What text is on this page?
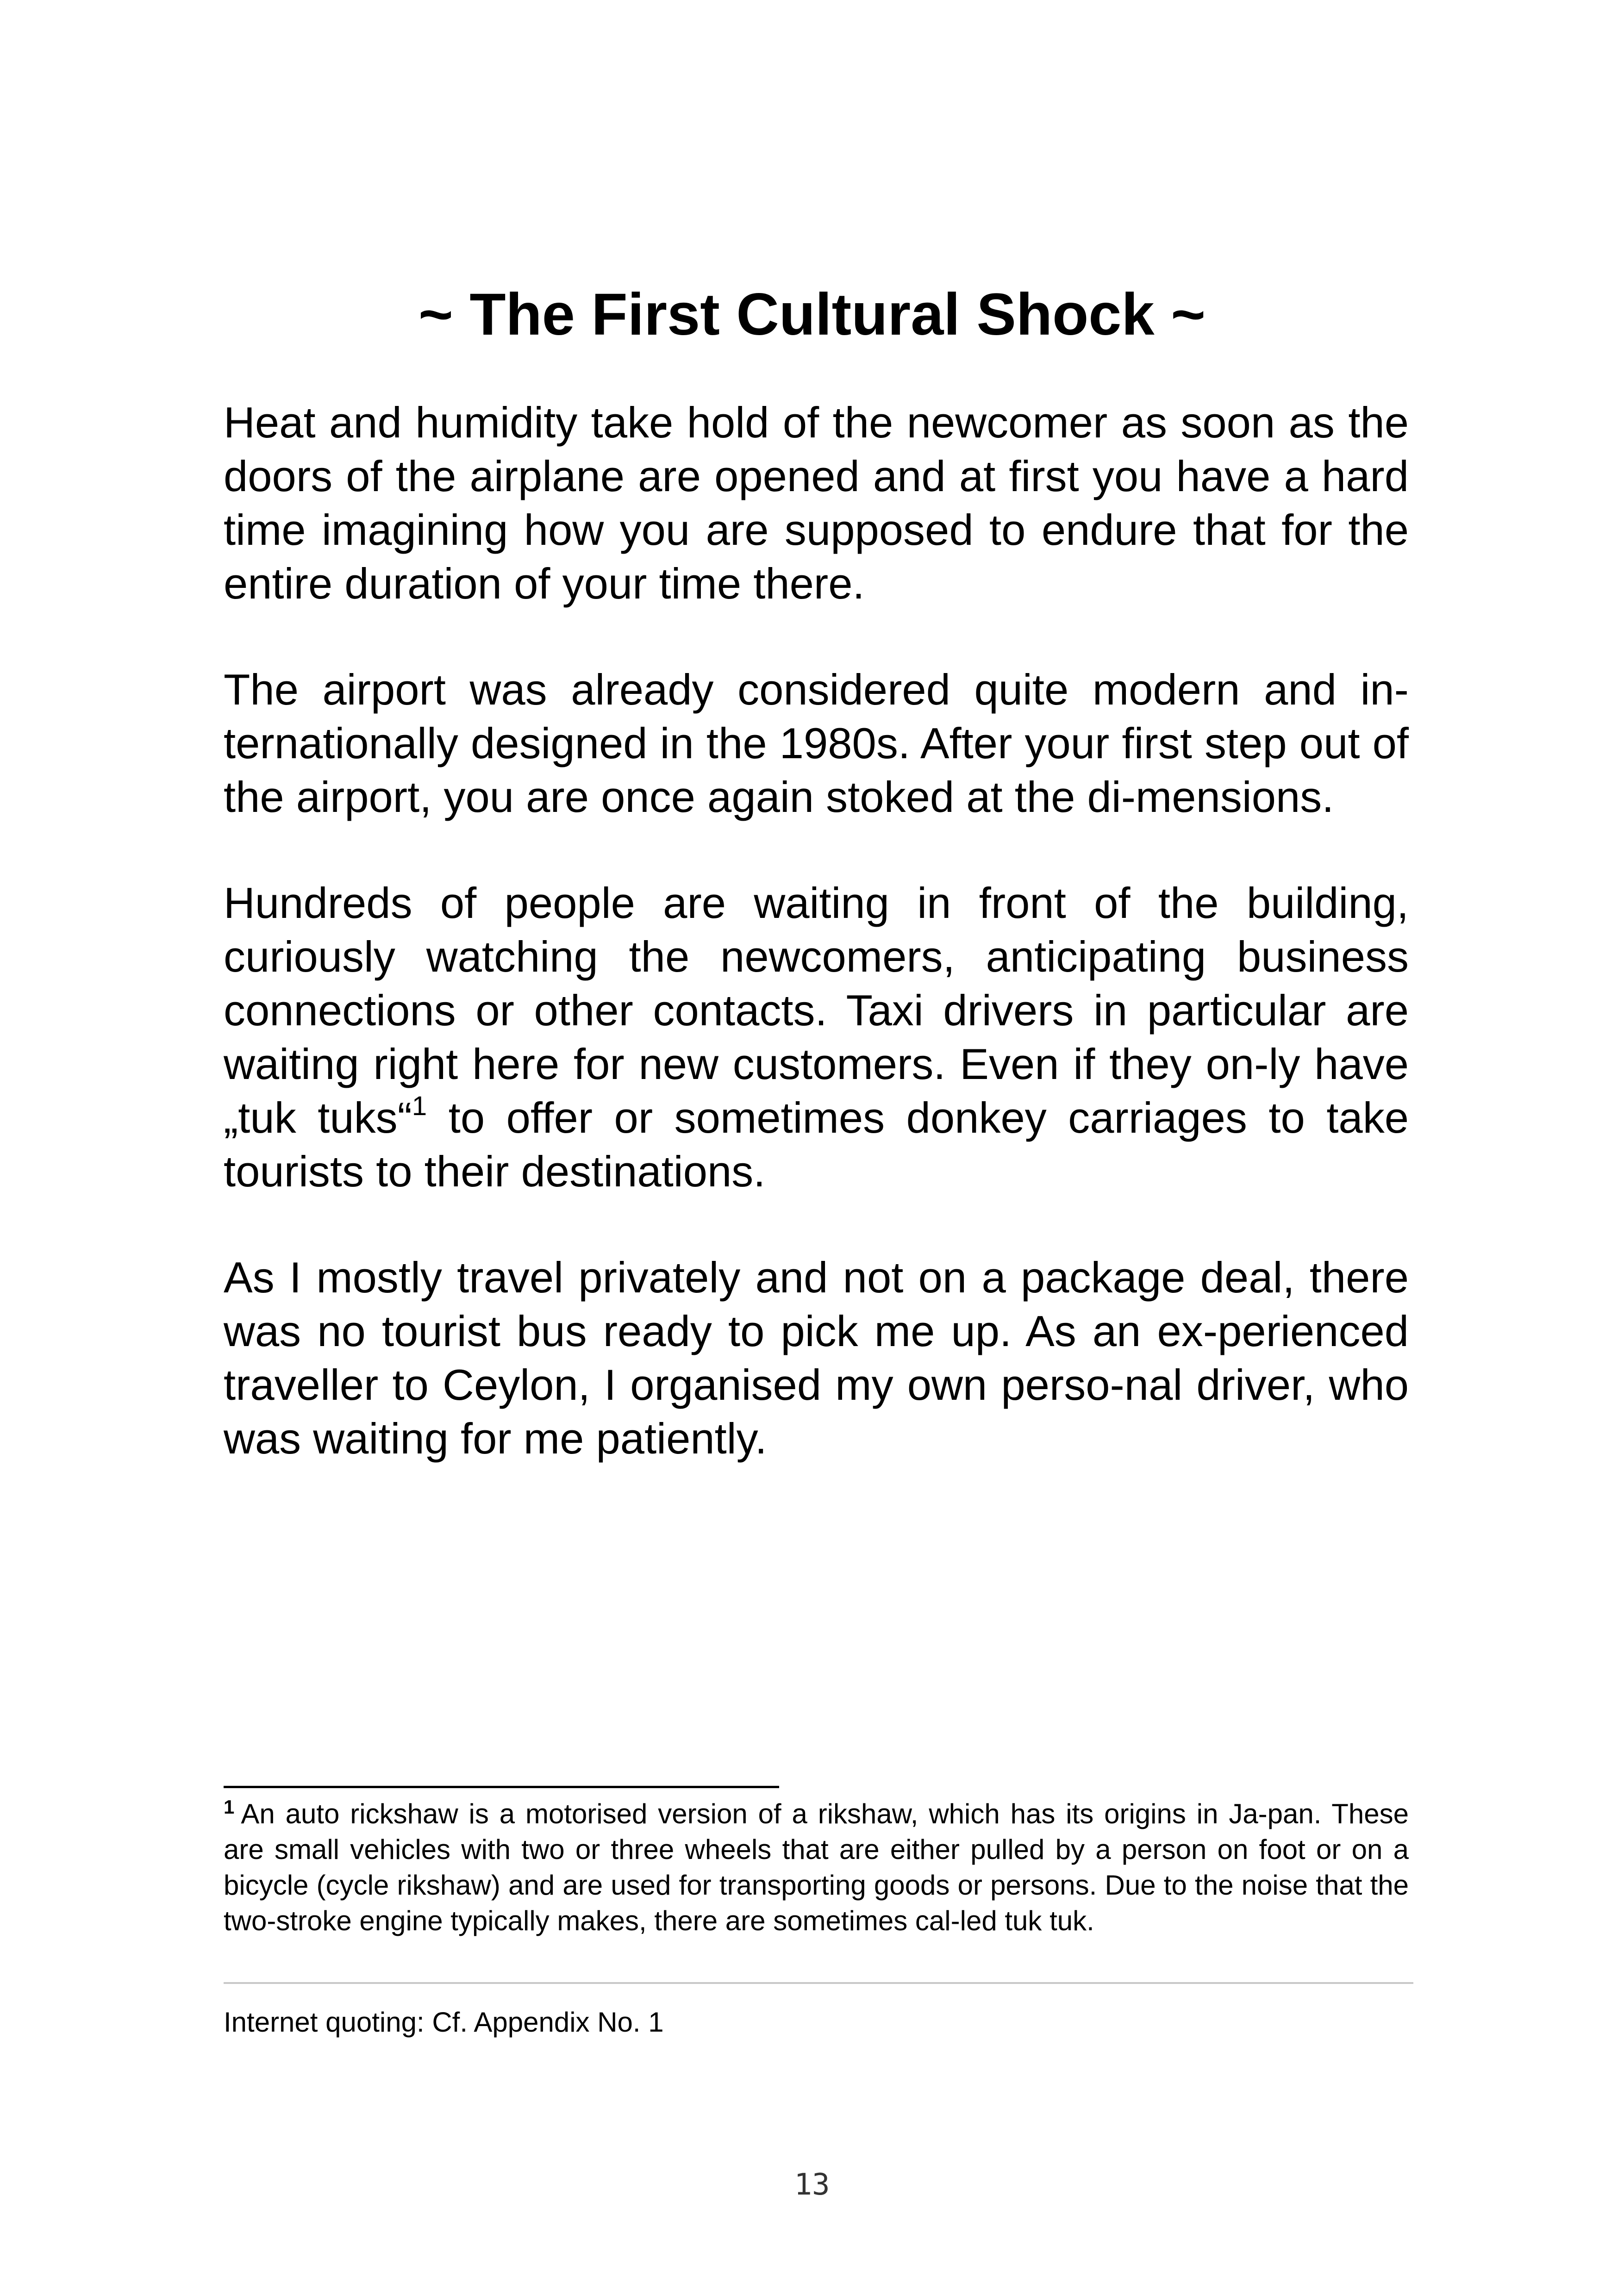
~ The First Cultural Shock ~

Heat and humidity take hold of the newcomer as soon as the doors of the airplane are opened and at first you have a hard time imagining how you are supposed to endure that for the entire duration of your time there.

The airport was already considered quite modern and in-ternationally designed in the 1980s. After your first step out of the airport, you are once again stoked at the di-mensions.

Hundreds of people are waiting in front of the building, curiously watching the newcomers, anticipating business connections or other contacts. Taxi drivers in particular are waiting right here for new customers. Even if they on-ly have „tuk tuks“$^1$ to offer or sometimes donkey carriages to take tourists to their destinations.

As I mostly travel privately and not on a package deal, there was no tourist bus ready to pick me up. As an ex-perienced traveller to Ceylon, I organised my own perso-nal driver, who was waiting for me patiently.

$^1$ An auto rickshaw is a motorised version of a rikshaw, which has its origins in Ja-pan. These are small vehicles with two or three wheels that are either pulled by a person on foot or on a bicycle (cycle rikshaw) and are used for transporting goods or persons. Due to the noise that the two-stroke engine typically makes, there are sometimes cal-led tuk tuk.

Internet quoting: Cf. Appendix No. 1

13
